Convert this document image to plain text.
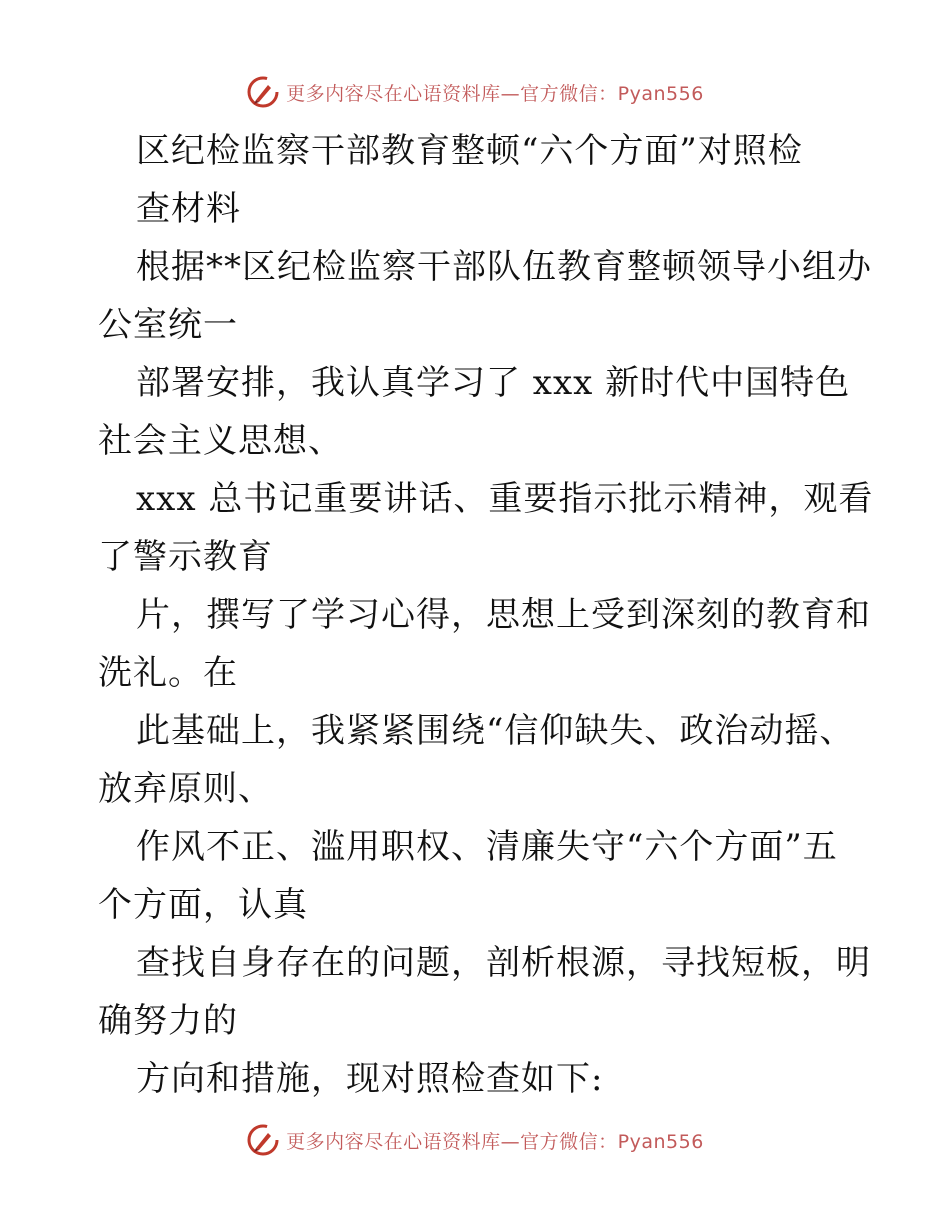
更多内容尽在心语资料库—官方微信：Pyan556
区纪检监察干部教育整顿“六个方面”对照检
查材料
根据**区纪检监察干部队伍教育整顿领导小组办
公室统一
部署安排，我认真学习了 xxx 新时代中国特色
社会主义思想、
xxx 总书记重要讲话、重要指示批示精神，观看
了警示教育
片，撰写了学习心得，思想上受到深刻的教育和
洗礼。在
此基础上，我紧紧围绕“信仰缺失、政治动摇、
放弃原则、
作风不正、滥用职权、清廉失守“六个方面”五
个方面，认真
查找自身存在的问题，剖析根源，寻找短板，明
确努力的
方向和措施，现对照检查如下:
更多内容尽在心语资料库—官方微信：Pyan556
